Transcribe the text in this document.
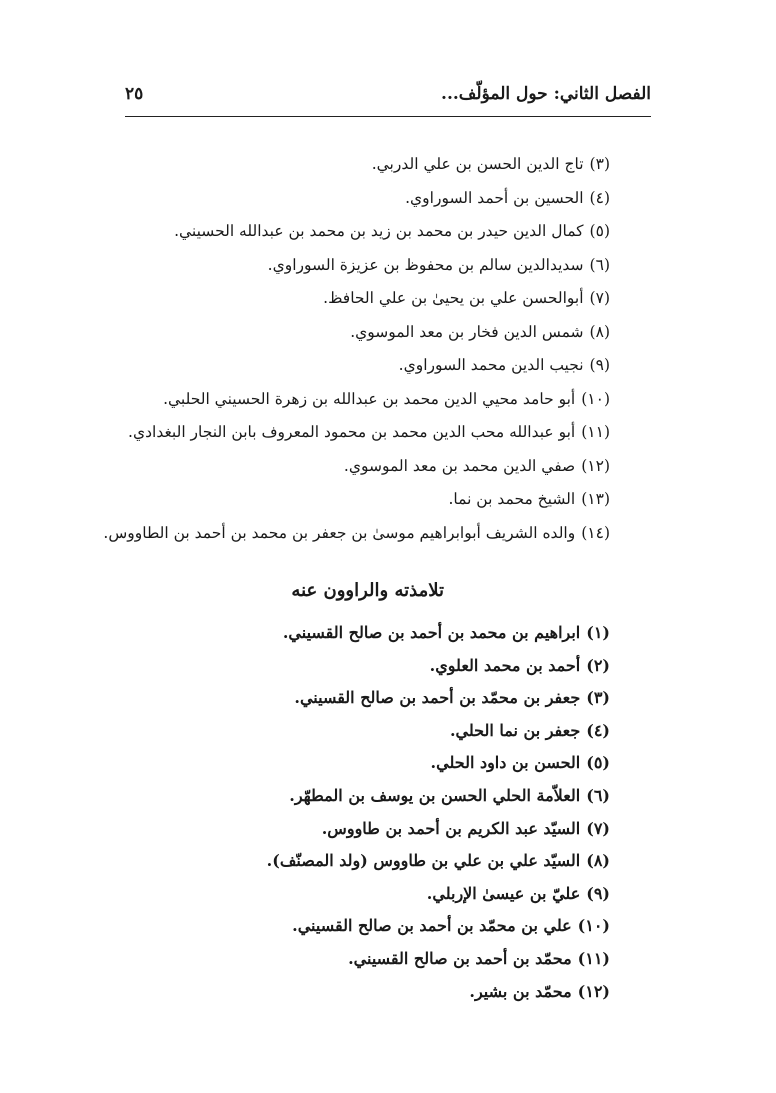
الفصل الثاني: حول المؤلّف...
٢٥
(٣)تاج الدين الحسن بن علي الدربي.
(٤)الحسين بن أحمد السوراوي.
(٥)كمال الدين حيدر بن محمد بن زيد بن محمد بن عبدالله الحسيني.
(٦)سديدالدين سالم بن محفوظ بن عزيزة السوراوي.
(٧)أبوالحسن علي بن يحيىٰ بن علي الحافظ.
(٨)شمس الدين فخار بن معد الموسوي.
(٩)نجيب الدين محمد السوراوي.
(١٠)أبو حامد محيي الدين محمد بن عبدالله بن زهرة الحسيني الحلبي.
(١١)أبو عبدالله محب الدين محمد بن محمود المعروف بابن النجار البغدادي.
(١٢)صفي الدين محمد بن معد الموسوي.
(١٣)الشيخ محمد بن نما.
(١٤)والده الشريف أبوابراهيم موسىٰ بن جعفر بن محمد بن أحمد بن الطاووس.
تلامذته والراوون عنه
(١)ابراهيم بن محمد بن أحمد بن صالح القسيني.
(٢)أحمد بن محمد العلوي.
(٣)جعفر بن محمّد بن أحمد بن صالح القسيني.
(٤)جعفر بن نما الحلي.
(٥)الحسن بن داود الحلي.
(٦)العلاّمة الحلي الحسن بن يوسف بن المطهّر.
(٧)السيّد عبد الكريم بن أحمد بن طاووس.
(٨)السيّد علي بن علي بن طاووس (ولد المصنّف).
(٩)عليّ بن عيسىٰ الإربلي.
(١٠)علي بن محمّد بن أحمد بن صالح القسيني.
(١١)محمّد بن أحمد بن صالح القسيني.
(١٢)محمّد بن بشير.
